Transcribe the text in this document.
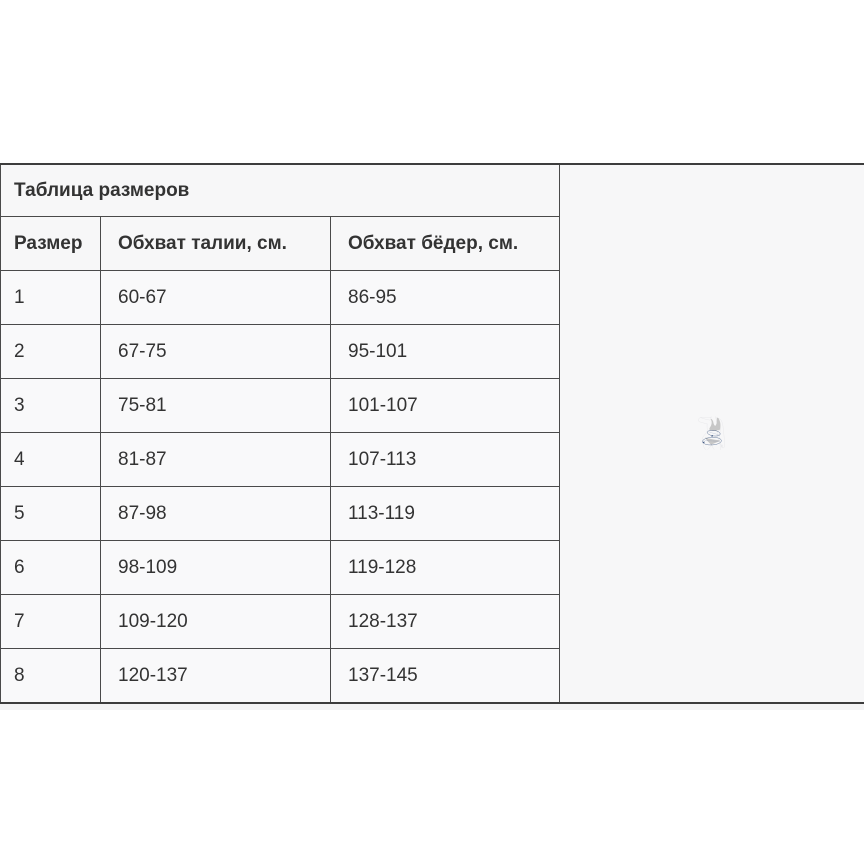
Таблица размеров	

Размер	Обхват талии, см.	Обхват бёдер, см.	
1	60-67	86-95	
2	67-75	95-101	
3	75-81	101-107	
4	81-87	107-113	
5	87-98	113-119	
6	98-109	119-128	
7	109-120	128-137	
8	120-137	137-145	
